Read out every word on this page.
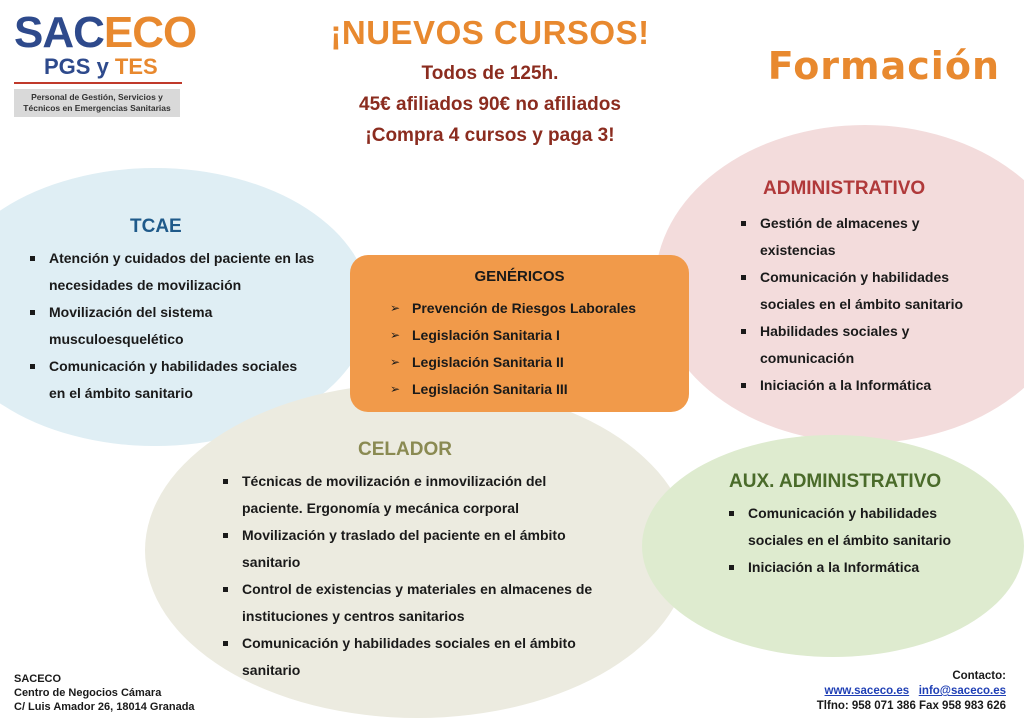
SACECO
PGS y TES
Personal de Gestión, Servicios y
Técnicos en Emergencias Sanitarias
¡NUEVOS CURSOS!
Todos de 125h.
45€ afiliados 90€ no afiliados
¡Compra 4 cursos y paga 3!
Formación
TCAE
Atención y cuidados del paciente en las necesidades de movilización
Movilización del sistema musculoesquelético
Comunicación y habilidades sociales en el ámbito sanitario
GENÉRICOS
➢ Prevención de Riesgos Laborales
➢ Legislación Sanitaria I
➢ Legislación Sanitaria II
➢ Legislación Sanitaria III
ADMINISTRATIVO
Gestión de almacenes y existencias
Comunicación y habilidades sociales en el ámbito sanitario
Habilidades sociales y comunicación
Iniciación a la Informática
CELADOR
Técnicas de movilización e inmovilización del paciente. Ergonomía y mecánica corporal
Movilización y traslado del paciente en el ámbito sanitario
Control de existencias y materiales en almacenes de instituciones y centros sanitarios
Comunicación y habilidades sociales en el ámbito sanitario
AUX. ADMINISTRATIVO
Comunicación y habilidades sociales en el ámbito sanitario
Iniciación a la Informática
SACECO
Centro de Negocios Cámara
C/ Luis Amador 26, 18014 Granada
Contacto:
www.saceco.es info@saceco.es
Tlfno: 958 071 386 Fax 958 983 626
